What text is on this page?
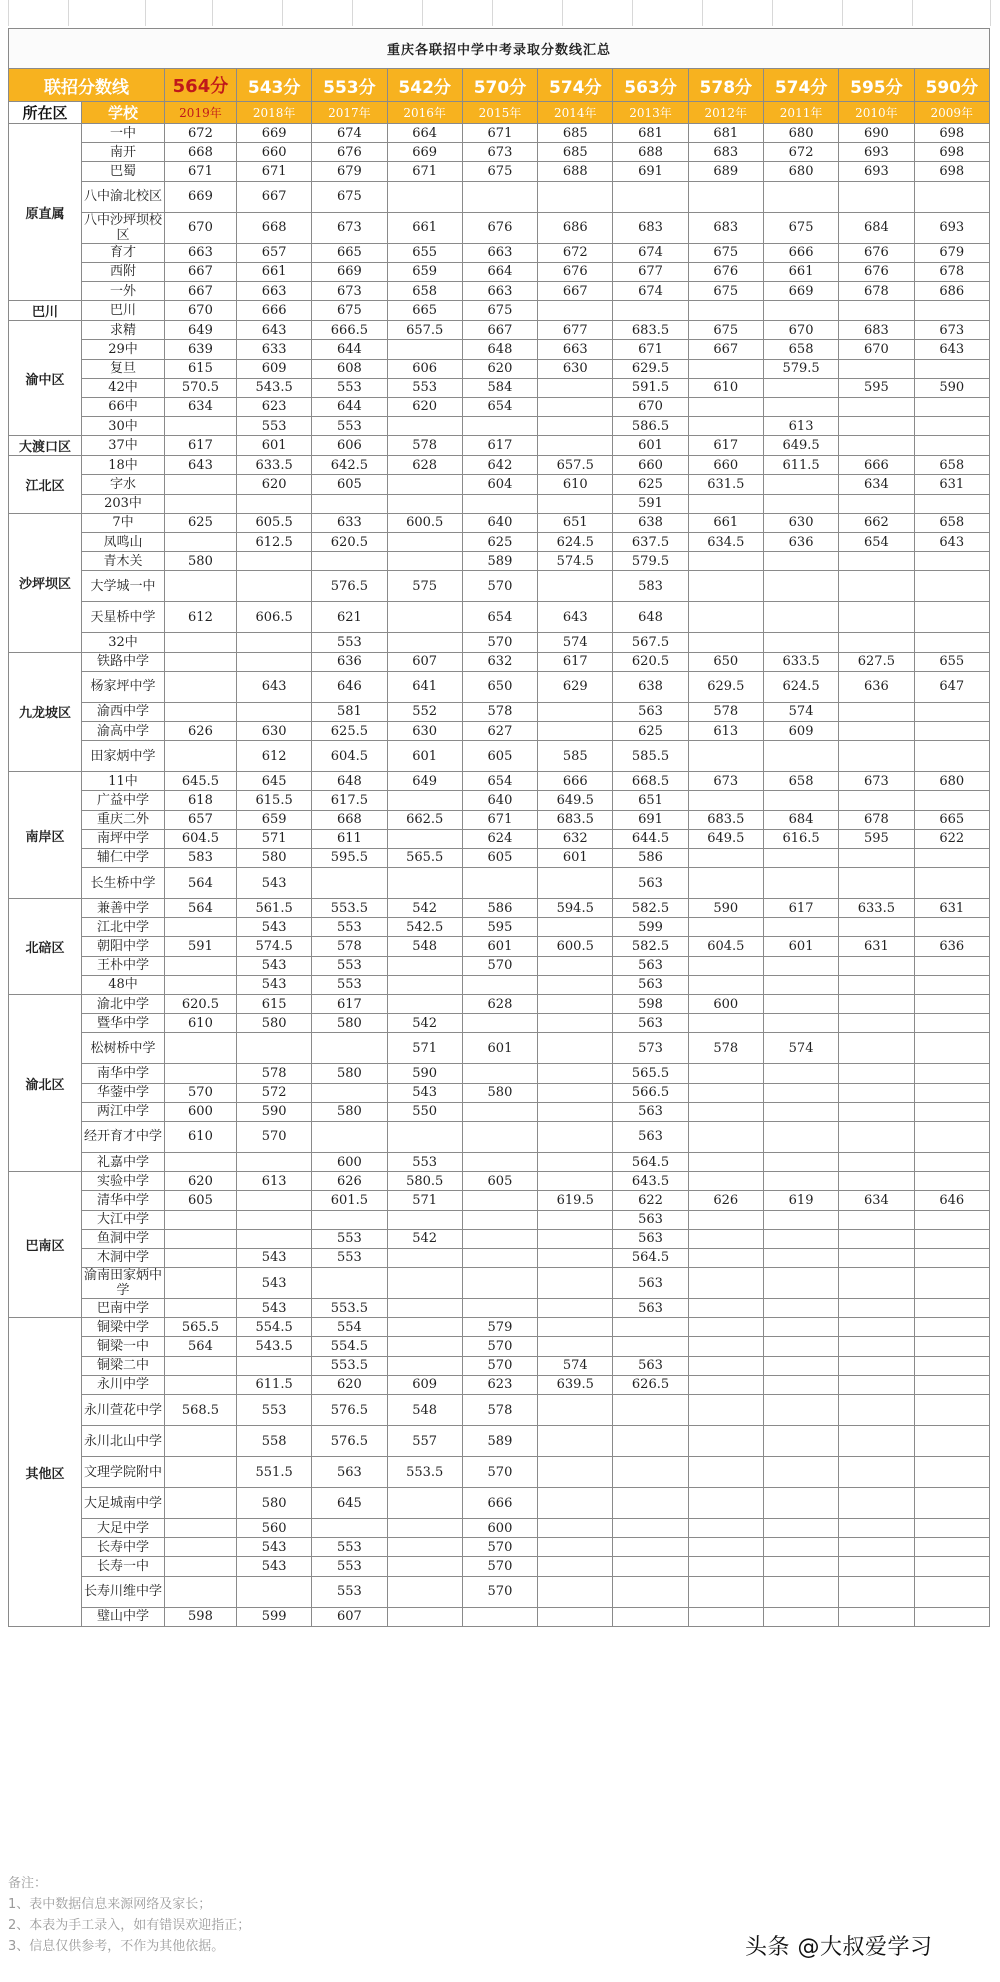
重庆各联招中学中考录取分数线汇总												
联招分数线		564分	543分	553分	542分	570分	574分	563分	578分	574分	595分	590分
所在区	学校	2019年	2018年	2017年	2016年	2015年	2014年	2013年	2012年	2011年	2010年	2009年
原直属	一中	672	669	674	664	671	685	681	681	680	690	698
	南开	668	660	676	669	673	685	688	683	672	693	698
	巴蜀	671	671	679	671	675	688	691	689	680	693	698
	八中渝北校区	669	667	675								
	八中沙坪坝校区	670	668	673	661	676	686	683	683	675	684	693
	育才	663	657	665	655	663	672	674	675	666	676	679
	西附	667	661	669	659	664	676	677	676	661	676	678
	一外	667	663	673	658	663	667	674	675	669	678	686
巴川	巴川	670	666	675	665	675						
渝中区	求精	649	643	666.5	657.5	667	677	683.5	675	670	683	673
	29中	639	633	644		648	663	671	667	658	670	643
	复旦	615	609	608	606	620	630	629.5		579.5		
	42中	570.5	543.5	553	553	584		591.5	610		595	590
	66中	634	623	644	620	654		670				
	30中		553	553				586.5		613		
大渡口区	37中	617	601	606	578	617		601	617	649.5		
江北区	18中	643	633.5	642.5	628	642	657.5	660	660	611.5	666	658
	字水		620	605		604	610	625	631.5		634	631
	203中							591				
沙坪坝区	7中	625	605.5	633	600.5	640	651	638	661	630	662	658
	凤鸣山		612.5	620.5		625	624.5	637.5	634.5	636	654	643
	青木关	580				589	574.5	579.5				
	大学城一中			576.5	575	570		583				
	天星桥中学	612	606.5	621		654	643	648				
	32中			553		570	574	567.5				
九龙坡区	铁路中学			636	607	632	617	620.5	650	633.5	627.5	655
	杨家坪中学		643	646	641	650	629	638	629.5	624.5	636	647
	渝西中学			581	552	578		563	578	574		
	渝高中学	626	630	625.5	630	627		625	613	609		
	田家炳中学		612	604.5	601	605	585	585.5				
南岸区	11中	645.5	645	648	649	654	666	668.5	673	658	673	680
	广益中学	618	615.5	617.5		640	649.5	651				
	重庆二外	657	659	668	662.5	671	683.5	691	683.5	684	678	665
	南坪中学	604.5	571	611		624	632	644.5	649.5	616.5	595	622
	辅仁中学	583	580	595.5	565.5	605	601	586				
	长生桥中学	564	543					563				
北碚区	兼善中学	564	561.5	553.5	542	586	594.5	582.5	590	617	633.5	631
	江北中学		543	553	542.5	595		599				
	朝阳中学	591	574.5	578	548	601	600.5	582.5	604.5	601	631	636
	王朴中学		543	553		570		563				
	48中		543	553				563				
渝北区	渝北中学	620.5	615	617		628		598	600			
	暨华中学	610	580	580	542			563				
	松树桥中学				571	601		573	578	574		
	南华中学		578	580	590			565.5				
	华蓥中学	570	572		543	580		566.5				
	两江中学	600	590	580	550			563				
	经开育才中学	610	570					563				
	礼嘉中学			600	553			564.5				
巴南区	实验中学	620	613	626	580.5	605		643.5				
	清华中学	605		601.5	571		619.5	622	626	619	634	646
	大江中学							563				
	鱼洞中学			553	542			563				
	木洞中学		543	553				564.5				
	渝南田家炳中学		543					563				
	巴南中学		543	553.5				563				
其他区	铜梁中学	565.5	554.5	554		579						
	铜梁一中	564	543.5	554.5		570						
	铜梁二中			553.5		570	574	563				
	永川中学		611.5	620	609	623	639.5	626.5				
	永川萱花中学	568.5	553	576.5	548	578						
	永川北山中学		558	576.5	557	589						
	文理学院附中		551.5	563	553.5	570						
	大足城南中学		580	645		666						
	大足中学		560			600						
	长寿中学		543	553		570						
	长寿一中		543	553		570						
	长寿川维中学			553		570						
	璧山中学	598	599	607								
备注：
1、表中数据信息来源网络及家长；
2、本表为手工录入，如有错误欢迎指正；
3、信息仅供参考，不作为其他依据。	头条 @大叔爱学习
